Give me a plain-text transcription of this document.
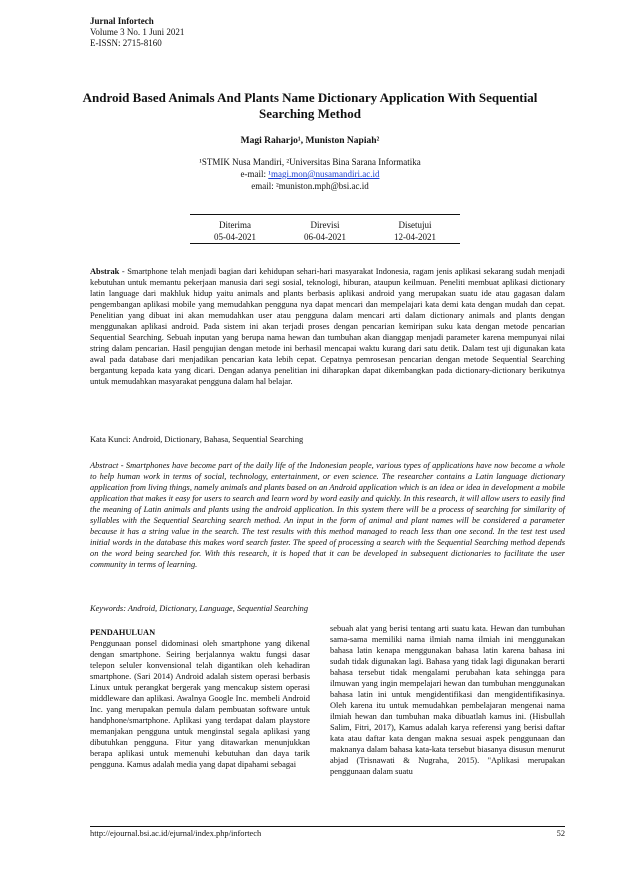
Jurnal Infortech
Volume 3 No. 1 Juni 2021
E-ISSN: 2715-8160
Android Based Animals And Plants Name Dictionary Application With Sequential Searching Method
Magi Raharjo¹, Muniston Napiah²
¹STMIK Nusa Mandiri, ²Universitas Bina Sarana Informatika
e-mail: ¹magi.mon@nusamandiri.ac.id
email: ²muniston.mph@bsi.ac.id
Diterima
05-04-2021
Direvisi
06-04-2021
Disetujui
12-04-2021
Abstrak - Smartphone telah menjadi bagian dari kehidupan sehari-hari masyarakat Indonesia, ragam jenis aplikasi sekarang sudah menjadi kebutuhan untuk memantu pekerjaan manusia dari segi sosial, teknologi, hiburan, ataupun keilmuan. Peneliti membuat aplikasi dictionary latin language dari makhluk hidup yaitu animals and plants berbasis aplikasi android yang merupakan suatu ide atau gagasan dalam pengembangan aplikasi mobile yang memudahkan pengguna nya dapat mencari dan mempelajari kata demi kata dengan mudah dan cepat. Penelitian yang dibuat ini akan memudahkan user atau pengguna dalam mencari arti dalam dictionary animals and plants dengan menggunakan aplikasi android. Pada sistem ini akan terjadi proses dengan pencarian kemiripan suku kata dengan metode pencarian Sequential Searching. Sebuah inputan yang berupa nama hewan dan tumbuhan akan dianggap menjadi parameter karena mempunyai nilai string dalam pencarian. Hasil pengujian dengan metode ini berhasil mencapai waktu kurang dari satu detik. Dalam test uji digunakan kata awal pada database dari menjadikan pencarian kata lebih cepat. Cepatnya pemrosesan pencarian dengan metode Sequential Searching bergantung kepada kata yang dicari. Dengan adanya penelitian ini diharapkan dapat dikembangkan pada dictionary-dictionary berikutnya untuk memudahkan masyarakat pengguna dalam hal belajar.
Kata Kunci: Android, Dictionary, Bahasa, Sequential Searching
Abstract - Smartphones have become part of the daily life of the Indonesian people, various types of applications have now become a whole to help human work in terms of social, technology, entertainment, or even science. The researcher contains a Latin language dictionary application from living things, namely animals and plants based on an Android application which is an idea or idea in development a mobile application that makes it easy for users to search and learn word by word easily and quickly. In this research, it will allow users to easily find the meaning of Latin animals and plants using the android application. In this system there will be a process of searching for similarity of syllables with the Sequential Searching search method. An input in the form of animal and plant names will be considered a parameter because it has a string value in the search. The test results with this method managed to reach less than one second. In the test test used initial words in the database this makes word search faster. The speed of processing a search with the Sequential Searching method depends on the word being searched for. With this research, it is hoped that it can be developed in subsequent dictionaries to facilitate the user community in terms of learning.
Keywords: Android, Dictionary, Language, Sequential Searching
PENDAHULUAN
Penggunaan ponsel didominasi oleh smartphone yang dikenal dengan smartphone. Seiring berjalannya waktu fungsi dasar telepon seluler konvensional telah digantikan oleh kehadiran smartphone. (Sari 2014) Android adalah sistem operasi berbasis Linux untuk perangkat bergerak yang mencakup sistem operasi middleware dan aplikasi. Awalnya Google Inc. membeli Android Inc. yang merupakan pemula dalam pembuatan software untuk handphone/smartphone. Aplikasi yang terdapat dalam playstore memanjakan pengguna untuk menginstal segala aplikasi yang dibutuhkan pengguna. Fitur yang ditawarkan menunjukkan berapa aplikasi untuk memenuhi kebutuhan dan daya tarik pengguna. Kamus adalah media yang dapat dipahami sebagai
sebuah alat yang berisi tentang arti suatu kata. Hewan dan tumbuhan sama-sama memiliki nama ilmiah nama ilmiah ini menggunakan bahasa latin kenapa menggunakan bahasa latin karena bahasa ini sudah tidak digunakan lagi. Bahasa yang tidak lagi digunakan berarti bahasa tersebut tidak mengalami perubahan kata sehingga para ilmuwan yang ingin mempelajari hewan dan tumbuhan menggunakan bahasa latin ini untuk mengidentifikasi dan mengidentifikasinya. Oleh karena itu untuk memudahkan pembelajaran mengenai nama ilmiah hewan dan tumbuhan maka dibuatlah kamus ini. (Hisbullah Salim, Fitri, 2017), Kamus adalah karya referensi yang berisi daftar kata atau daftar kata dengan makna sesuai aspek penggunaan dan maknanya dalam bahasa kata-kata tersebut biasanya disusun menurut abjad (Trisnawati & Nugraha, 2015). "Aplikasi merupakan penggunaan dalam suatu
http://ejournal.bsi.ac.id/ejurnal/index.php/infortech	52
